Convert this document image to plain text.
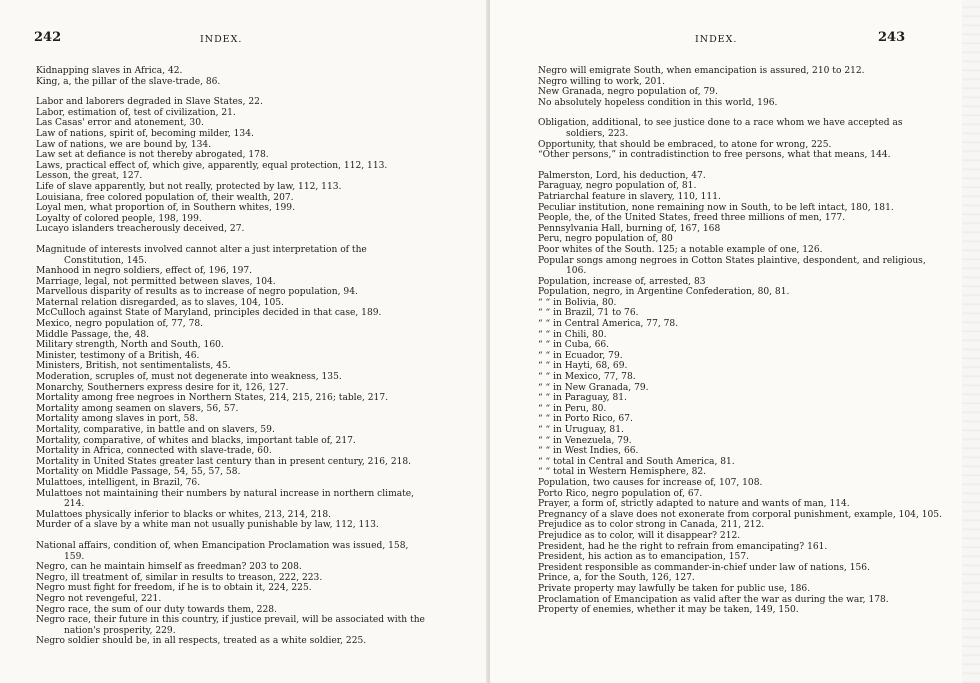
242	INDEX.
Kidnapping slaves in Africa, 42.
King, a, the pillar of the slave-trade, 86.
Labor and laborers degraded in Slave States, 22.
Labor, estimation of, test of civilization, 21.
Las Casas' error and atonement, 30.
Law of nations, spirit of, becoming milder, 134.
Law of nations, we are bound by, 134.
Law set at defiance is not thereby abrogated, 178.
Laws, practical effect of, which give, apparently, equal protection, 112, 113.
Lesson, the great, 127.
Life of slave apparently, but not really, protected by law, 112, 113.
Louisiana, free colored population of, their wealth, 207.
Loyal men, what proportion of, in Southern whites, 199.
Loyalty of colored people, 198, 199.
Lucayo islanders treacherously deceived, 27.
Magnitude of interests involved cannot alter a just interpretation of the Constitution, 145.
Manhood in negro soldiers, effect of, 196, 197.
Marriage, legal, not permitted between slaves, 104.
Marvellous disparity of results as to increase of negro population, 94.
Maternal relation disregarded, as to slaves, 104, 105.
McCulloch against State of Maryland, principles decided in that case, 189.
Mexico, negro population of, 77, 78.
Middle Passage, the, 48.
Military strength, North and South, 160.
Minister, testimony of a British, 46.
Ministers, British, not sentimentalists, 45.
Moderation, scruples of, must not degenerate into weakness, 135.
Monarchy, Southerners express desire for it, 126, 127.
Mortality among free negroes in Northern States, 214, 215, 216; table, 217.
Mortality among seamen on slavers, 56, 57.
Mortality among slaves in port, 58.
Mortality, comparative, in battle and on slavers, 59.
Mortality, comparative, of whites and blacks, important table of, 217.
Mortality in Africa, connected with slave-trade, 60.
Mortality in United States greater last century than in present century, 216, 218.
Mortality on Middle Passage, 54, 55, 57, 58.
Mulattoes, intelligent, in Brazil, 76.
Mulattoes not maintaining their numbers by natural increase in northern climate, 214.
Mulattoes physically inferior to blacks or whites, 213, 214, 218.
Murder of a slave by a white man not usually punishable by law, 112, 113.
National affairs, condition of, when Emancipation Proclamation was issued, 158, 159.
Negro, can he maintain himself as freedman? 203 to 208.
Negro, ill treatment of, similar in results to treason, 222, 223.
Negro must fight for freedom, if he is to obtain it, 224, 225.
Negro not revengeful, 221.
Negro race, the sum of our duty towards them, 228.
Negro race, their future in this country, if justice prevail, will be associated with the nation's prosperity, 229.
Negro soldier should be, in all respects, treated as a white soldier, 225.
INDEX.	243
Negro will emigrate South, when emancipation is assured, 210 to 212.
Negro willing to work, 201.
New Granada, negro population of, 79.
No absolutely hopeless condition in this world, 196.
Obligation, additional, to see justice done to a race whom we have accepted as soldiers, 223.
Opportunity, that should be embraced, to atone for wrong, 225.
“Other persons,” in contradistinction to free persons, what that means, 144.
Palmerston, Lord, his deduction, 47.
Paraguay, negro population of, 81.
Patriarchal feature in slavery, 110, 111.
Peculiar institution, none remaining now in South, to be left intact, 180, 181.
People, the, of the United States, freed three millions of men, 177.
Pennsylvania Hall, burning of, 167, 168
Peru, negro population of, 80
Poor whites of the South. 125; a notable example of one, 126.
Popular songs among negroes in Cotton States plaintive, despondent, and religious, 106.
Population, increase of, arrested, 83
Population, negro, in Argentine Confederation, 80, 81.
“ “ in Bolivia, 80.
“ “ in Brazil, 71 to 76.
“ “ in Central America, 77, 78.
“ “ in Chili, 80.
“ “ in Cuba, 66.
“ “ in Ecuador, 79.
“ “ in Hayti, 68, 69.
“ “ in Mexico, 77, 78.
“ “ in New Granada, 79.
“ “ in Paraguay, 81.
“ “ in Peru, 80.
“ “ in Porto Rico, 67.
“ “ in Uruguay, 81.
“ “ in Venezuela, 79.
“ “ in West Indies, 66.
“ “ total in Central and South America, 81.
“ “ total in Western Hemisphere, 82.
Population, two causes for increase of, 107, 108.
Porto Rico, negro population of, 67.
Prayer, a form of, strictly adapted to nature and wants of man, 114.
Pregnancy of a slave does not exonerate from corporal punishment, example, 104, 105.
Prejudice as to color strong in Canada, 211, 212.
Prejudice as to color, will it disappear? 212.
President, had he the right to refrain from emancipating? 161.
President, his action as to emancipation, 157.
President responsible as commander-in-chief under law of nations, 156.
Prince, a, for the South, 126, 127.
Private property may lawfully be taken for public use, 186.
Proclamation of Emancipation as valid after the war as during the war, 178.
Property of enemies, whether it may be taken, 149, 150.
